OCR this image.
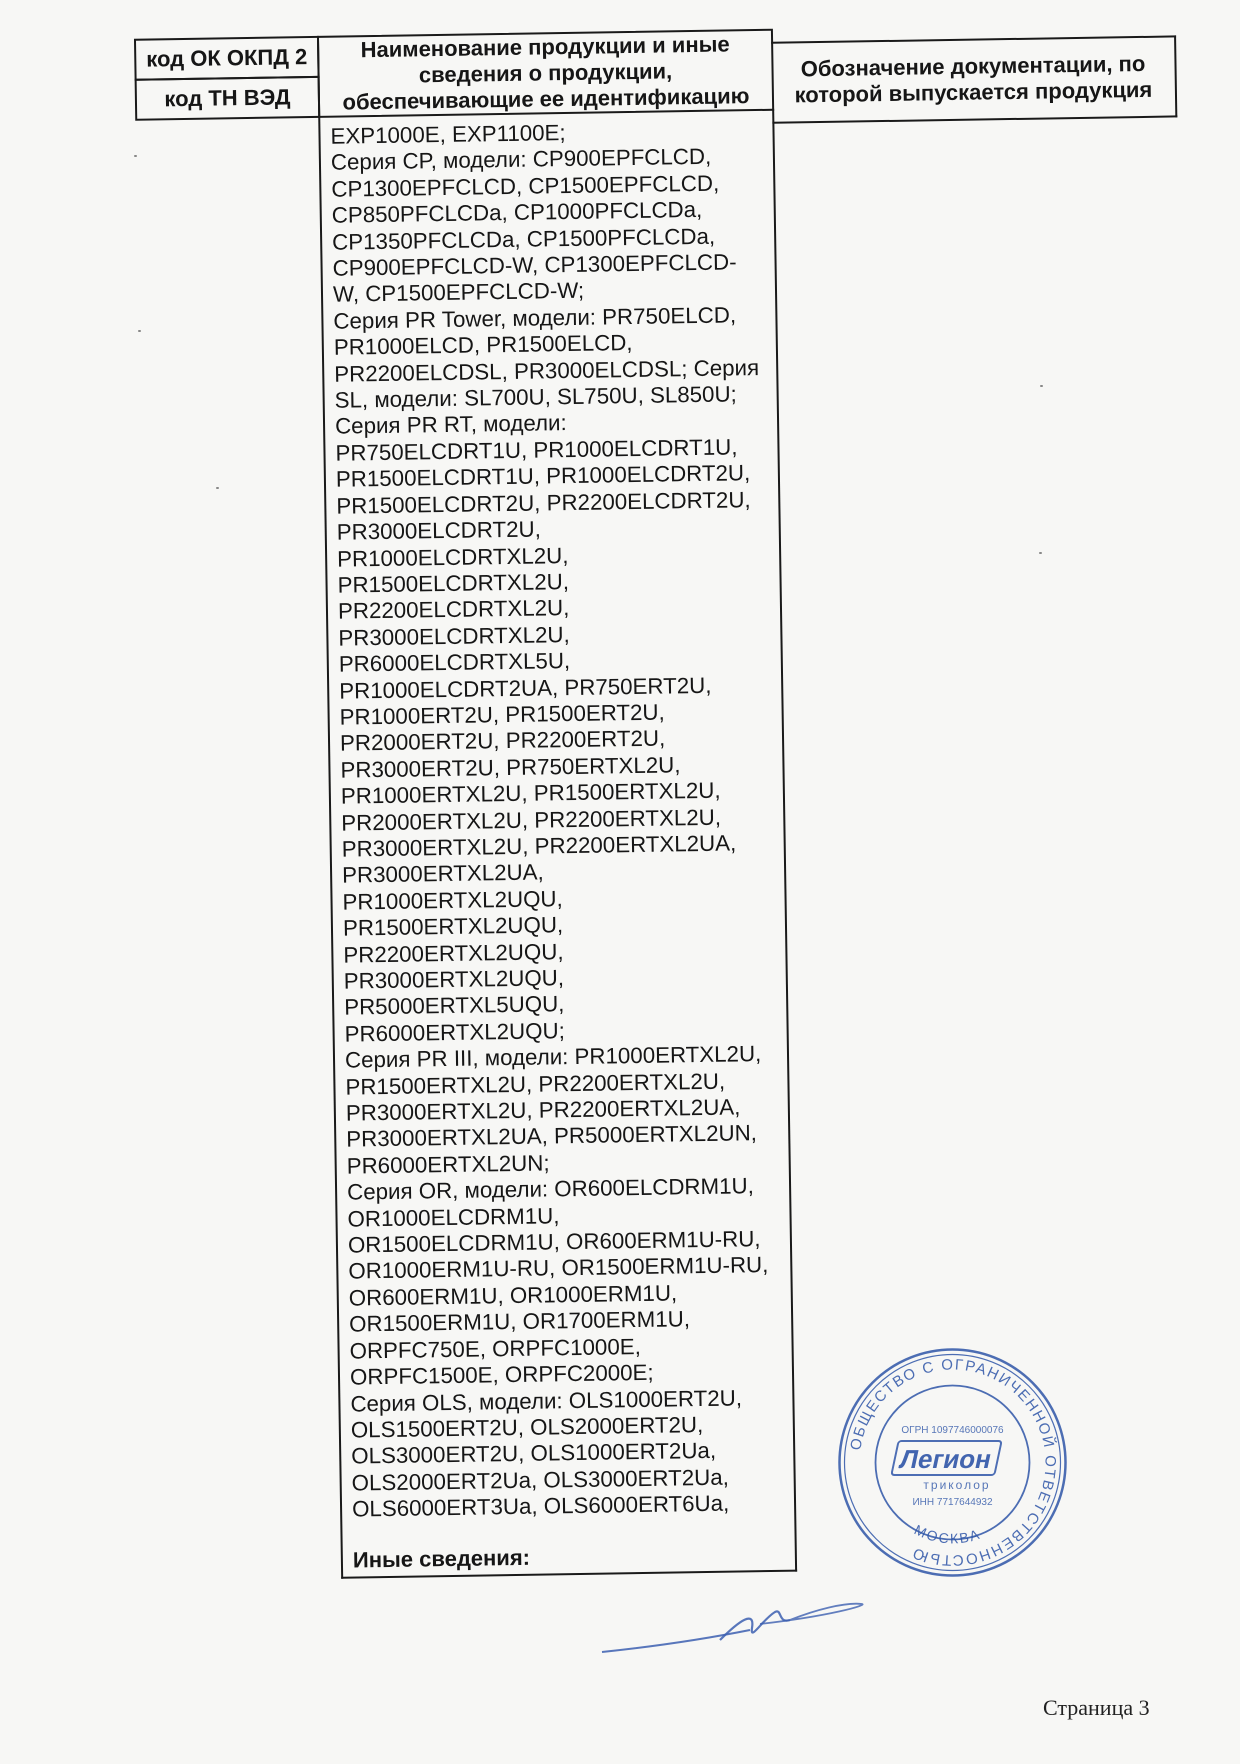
код ОК ОКПД 2
код ТН ВЭД
Наименование продукции и иные сведения о продукции, обеспечивающие ее идентификацию
Обозначение документации, по которой выпускается продукция
EXP1000E, EXP1100E;
Серия CP, модели: CP900EPFCLCD,
CP1300EPFCLCD, CP1500EPFCLCD,
CP850PFCLCDa, CP1000PFCLCDa,
CP1350PFCLCDa, CP1500PFCLCDa,
CP900EPFCLCD-W, CP1300EPFCLCD-
W, CP1500EPFCLCD-W;
Серия PR Tower, модели: PR750ELCD,
PR1000ELCD, PR1500ELCD,
PR2200ELCDSL, PR3000ELCDSL; Серия
SL, модели: SL700U, SL750U, SL850U;
Серия PR RT, модели:
PR750ELCDRT1U, PR1000ELCDRT1U,
PR1500ELCDRT1U, PR1000ELCDRT2U,
PR1500ELCDRT2U, PR2200ELCDRT2U,
PR3000ELCDRT2U,
PR1000ELCDRTXL2U,
PR1500ELCDRTXL2U,
PR2200ELCDRTXL2U,
PR3000ELCDRTXL2U,
PR6000ELCDRTXL5U,
PR1000ELCDRT2UA, PR750ERT2U,
PR1000ERT2U, PR1500ERT2U,
PR2000ERT2U, PR2200ERT2U,
PR3000ERT2U, PR750ERTXL2U,
PR1000ERTXL2U, PR1500ERTXL2U,
PR2000ERTXL2U, PR2200ERTXL2U,
PR3000ERTXL2U, PR2200ERTXL2UA,
PR3000ERTXL2UA,
PR1000ERTXL2UQU,
PR1500ERTXL2UQU,
PR2200ERTXL2UQU,
PR3000ERTXL2UQU,
PR5000ERTXL5UQU,
PR6000ERTXL2UQU;
Серия PR III, модели: PR1000ERTXL2U,
PR1500ERTXL2U, PR2200ERTXL2U,
PR3000ERTXL2U, PR2200ERTXL2UA,
PR3000ERTXL2UA, PR5000ERTXL2UN,
PR6000ERTXL2UN;
Серия OR, модели: OR600ELCDRM1U,
OR1000ELCDRM1U,
OR1500ELCDRM1U, OR600ERM1U-RU,
OR1000ERM1U-RU, OR1500ERM1U-RU,
OR600ERM1U, OR1000ERM1U,
OR1500ERM1U, OR1700ERM1U,
ORPFC750E, ORPFC1000E,
ORPFC1500E, ORPFC2000E;
Серия OLS, модели: OLS1000ERT2U,
OLS1500ERT2U, OLS2000ERT2U,
OLS3000ERT2U, OLS1000ERT2Ua,
OLS2000ERT2Ua, OLS3000ERT2Ua,
OLS6000ERT3Ua, OLS6000ERT6Ua,
Иные сведения:
ОБЩЕСТВО С ОГРАНИЧЕННОЙ ОТВЕТСТВЕННОСТЬЮ
МОСКВА
ОГРН 1097746000076
Легион
триколор
ИНН 7717644932
Страница 3
